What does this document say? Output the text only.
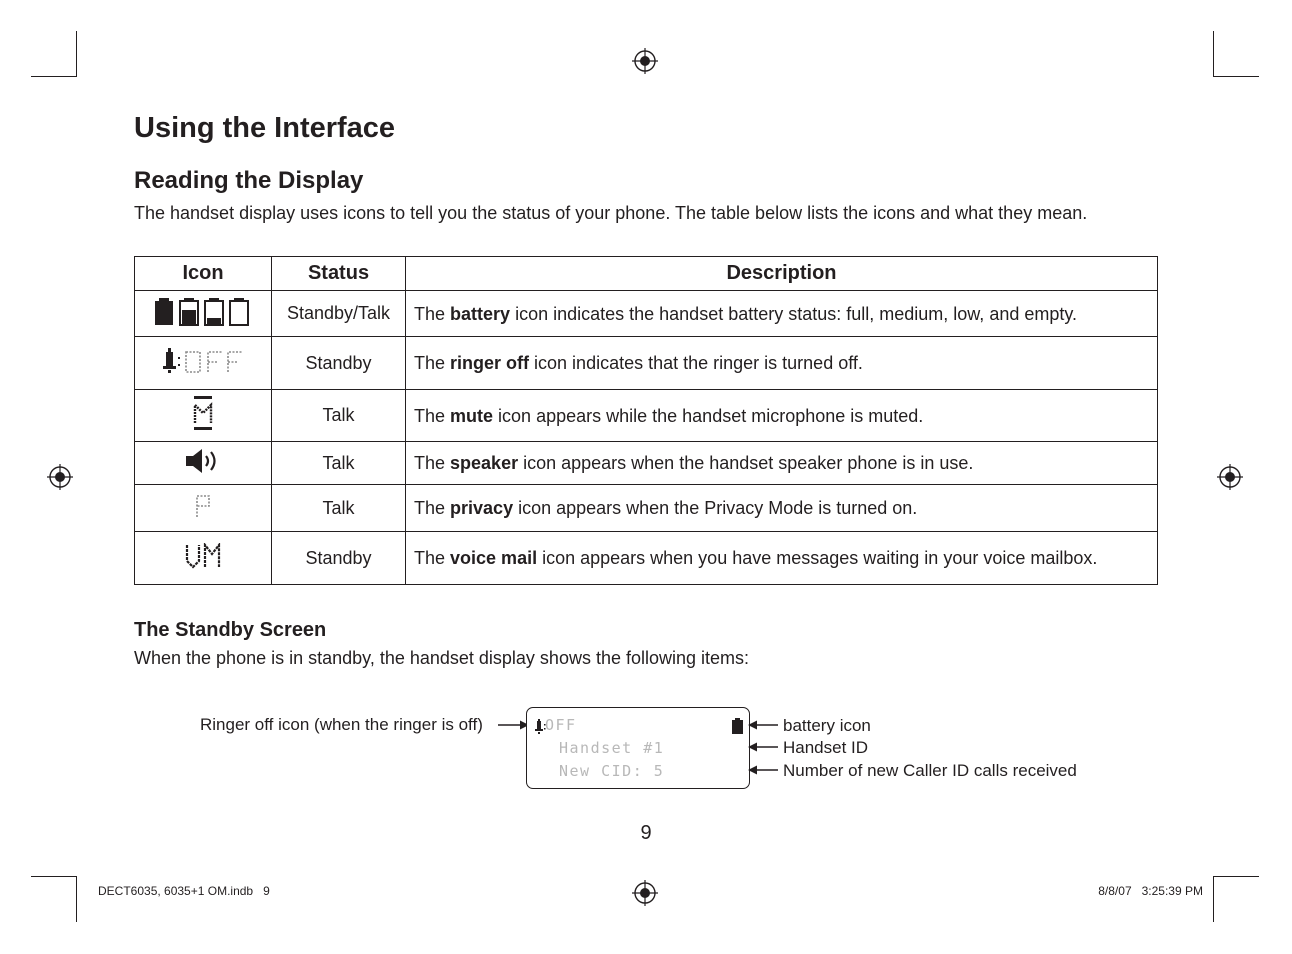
Using the Interface
Reading the Display

The handset display uses icons to tell you the status of your phone. The table below lists the icons and what they mean.

Icon	Status	Description
	Standby/Talk	The battery icon indicates the handset battery status: full, medium, low, and empty.
	Standby	The ringer off icon indicates that the ringer is turned off.
	Talk	The mute icon appears while the handset microphone is muted.
	Talk	The speaker icon appears when the handset speaker phone is in use.
	Talk	The privacy icon appears when the Privacy Mode is turned on.
	Standby	The voice mail icon appears when you have messages waiting in your voice mailbox.
The Standby Screen

When the phone is in standby, the handset display shows the following items:

Ringer off icon (when the ringer is off)	OFF
Handset #1
New CID: 5
battery icon
Handset ID
Number of new Caller ID calls received
9
DECT6035, 6035+1 OM.indb   9	8/8/07   3:25:39 PM
